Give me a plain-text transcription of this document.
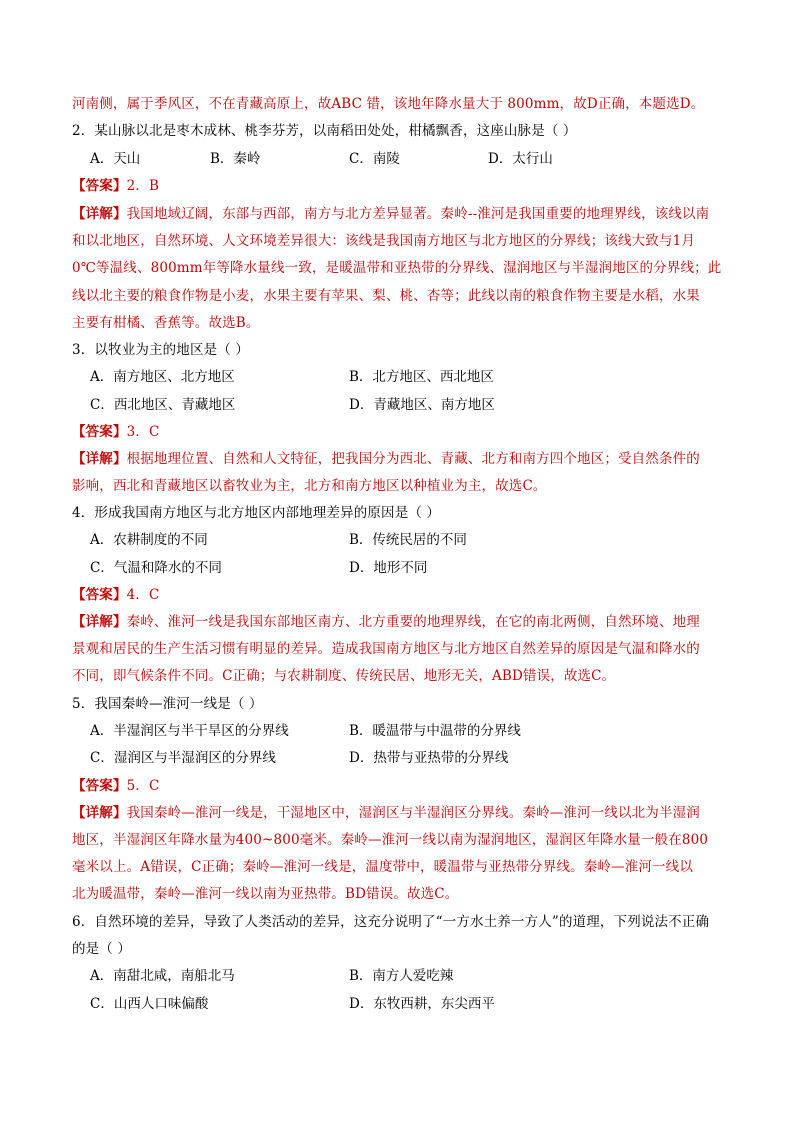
河南侧，属于季风区，不在青藏高原上，故ABC 错，该地年降水量大于 800mm，故D正确，本题选D。
2．某山脉以北是枣木成林、桃李芬芳，以南稻田处处，柑橘飘香，这座山脉是（ ）
A．天山	B．秦岭	C．南陵	D．太行山
【答案】2．B
【详解】我国地域辽阔，东部与西部，南方与北方差异显著。秦岭--淮河是我国重要的地理界线，该线以南
和以北地区，自然环境、人文环境差异很大：该线是我国南方地区与北方地区的分界线；该线大致与1月
0℃等温线、800mm年等降水量线一致，是暖温带和亚热带的分界线、湿润地区与半湿润地区的分界线；此
线以北主要的粮食作物是小麦，水果主要有苹果、梨、桃、杏等；此线以南的粮食作物主要是水稻，水果
主要有柑橘、香蕉等。故选B。
3．以牧业为主的地区是（ ）
A．南方地区、北方地区	B．北方地区、西北地区
C．西北地区、青藏地区	D．青藏地区、南方地区
【答案】3．C
【详解】根据地理位置、自然和人文特征，把我国分为西北、青藏、北方和南方四个地区；受自然条件的
影响，西北和青藏地区以畜牧业为主，北方和南方地区以种植业为主，故选C。
4．形成我国南方地区与北方地区内部地理差异的原因是（ ）
A．农耕制度的不同	B．传统民居的不同
C．气温和降水的不同	D．地形不同
【答案】4．C
【详解】秦岭、淮河一线是我国东部地区南方、北方重要的地理界线，在它的南北两侧，自然环境、地理
景观和居民的生产生活习惯有明显的差异。造成我国南方地区与北方地区自然差异的原因是气温和降水的
不同，即气候条件不同。C正确；与农耕制度、传统民居、地形无关，ABD错误，故选C。
5．我国秦岭—淮河一线是（ ）
A．半湿润区与半干旱区的分界线	B．暖温带与中温带的分界线
C．湿润区与半湿润区的分界线	D．热带与亚热带的分界线
【答案】5．C
【详解】我国秦岭—淮河一线是，干湿地区中，湿润区与半湿润区分界线。秦岭—淮河一线以北为半湿润
地区，半湿润区年降水量为400~800毫米。秦岭—淮河一线以南为湿润地区，湿润区年降水量一般在800
毫米以上。A错误，C正确；秦岭—淮河一线是，温度带中，暖温带与亚热带分界线。秦岭—淮河一线以
北为暖温带，秦岭—淮河一线以南为亚热带。BD错误。故选C。
6．自然环境的差异，导致了人类活动的差异，这充分说明了“一方水土养一方人”的道理，下列说法不正确
的是（ ）
A．南甜北咸，南船北马	B．南方人爱吃辣
C．山西人口味偏酸	D．东牧西耕，东尖西平
